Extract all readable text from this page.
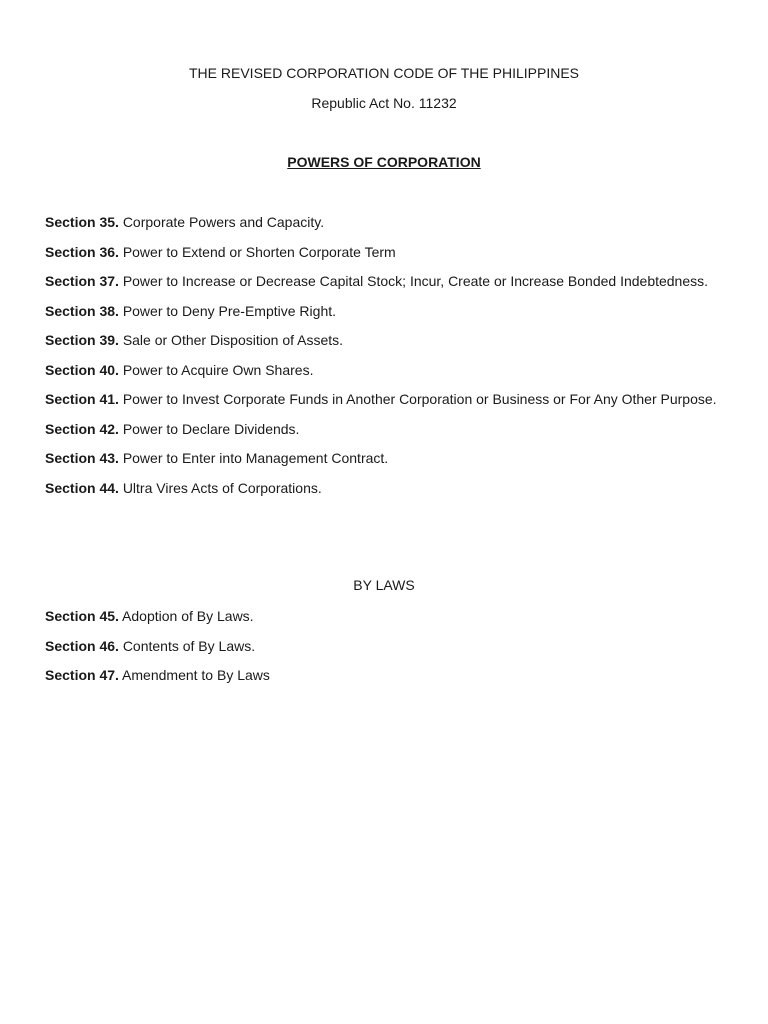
THE REVISED CORPORATION CODE OF THE PHILIPPINES
Republic Act No. 11232
POWERS OF CORPORATION
Section 35. Corporate Powers and Capacity.
Section 36. Power to Extend or Shorten Corporate Term
Section 37. Power to Increase or Decrease Capital Stock; Incur, Create or Increase Bonded Indebtedness.
Section 38. Power to Deny Pre-Emptive Right.
Section 39. Sale or Other Disposition of Assets.
Section 40. Power to Acquire Own Shares.
Section 41. Power to Invest Corporate Funds in Another Corporation or Business or For Any Other Purpose.
Section 42. Power to Declare Dividends.
Section 43. Power to Enter into Management Contract.
Section 44. Ultra Vires Acts of Corporations.
BY LAWS
Section 45. Adoption of By Laws.
Section 46. Contents of By Laws.
Section 47. Amendment to By Laws
